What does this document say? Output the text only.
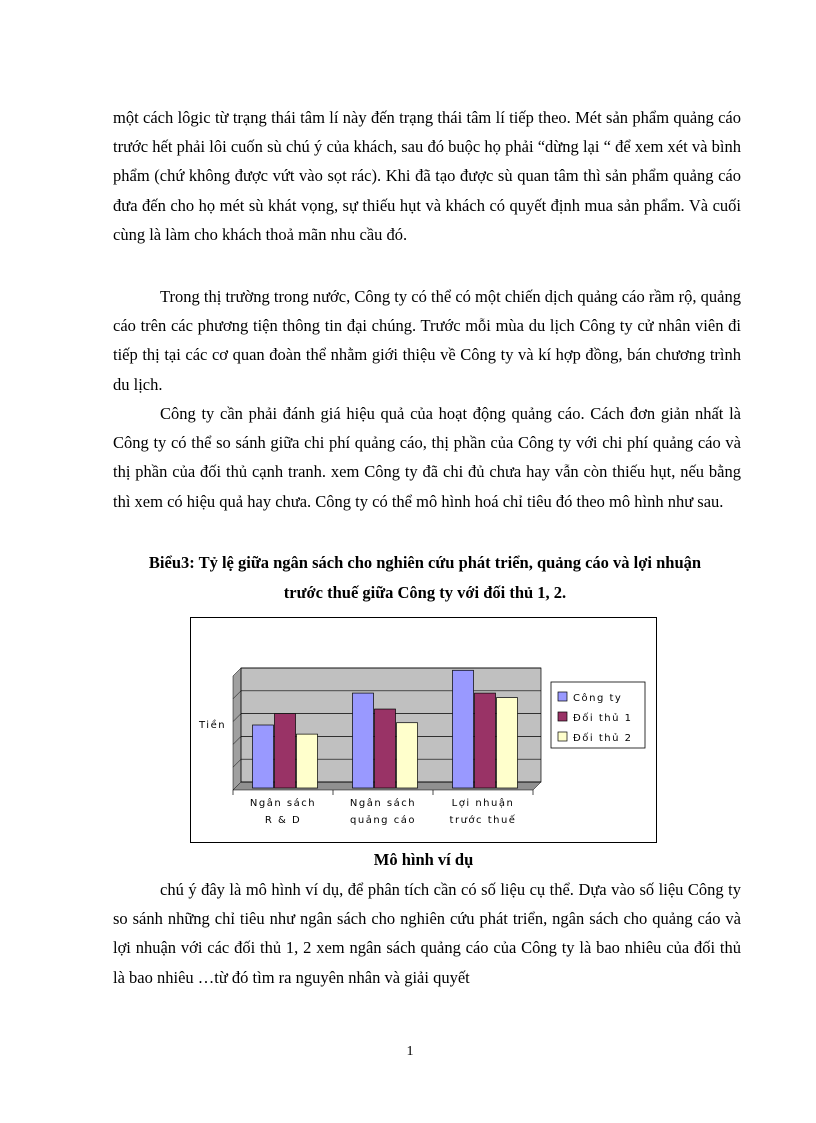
một cách lôgic từ trạng thái tâm lí này đến trạng thái tâm lí tiếp theo. Mét sản phẩm quảng cáo trước hết phải lôi cuốn sù chú ý của khách, sau đó buộc họ phải “dừng lại “ để xem xét và bình phẩm (chứ không được vứt vào sọt rác). Khi đã tạo được sù quan tâm thì sản phẩm quảng cáo đưa đến cho họ mét sù khát vọng, sự thiếu hụt và khách có quyết định mua sản phẩm. Và cuối cùng là làm cho khách thoả mãn nhu cầu đó.

Trong thị trường trong nước, Công ty có thể có một chiến dịch quảng cáo rầm rộ, quảng cáo trên các phương tiện thông tin đại chúng. Trước mỗi mùa du lịch Công ty cử nhân viên đi tiếp thị tại các cơ quan đoàn thể nhằm giới thiệu về Công ty và kí hợp đồng, bán chương trình du lịch.

Công ty cần phải đánh giá hiệu quả của hoạt động quảng cáo. Cách đơn giản nhất là Công ty có thể so sánh giữa chi phí quảng cáo, thị phần của Công ty với chi phí quảng cáo và thị phần của đối thủ cạnh tranh. xem Công ty đã chi đủ chưa hay vẫn còn thiếu hụt, nếu bằng thì xem có hiệu quả hay chưa. Công ty có thể mô hình hoá chỉ tiêu đó theo mô hình như sau.

Biểu3: Tỷ lệ giữa ngân sách cho nghiên cứu phát triển, quảng cáo và lợi nhuận

trước thuế giữa Công ty với đối thủ 1, 2.

Tiền
Ngân sách
R & D
Ngân sách
quảng cáo
Lợi nhuận
trước thuế
Công ty
Đối thủ 1
Đối thủ 2
Mô hình ví dụ

chú ý đây là mô hình ví dụ, để phân tích cần có số liệu cụ thể. Dựa vào số liệu Công ty so sánh những chỉ tiêu như ngân sách cho nghiên cứu phát triển, ngân sách cho quảng cáo và lợi nhuận với các đối thủ 1, 2 xem ngân sách quảng cáo của Công ty là bao nhiêu của đối thủ là bao nhiêu …từ đó tìm ra nguyên nhân và giải quyết

1
